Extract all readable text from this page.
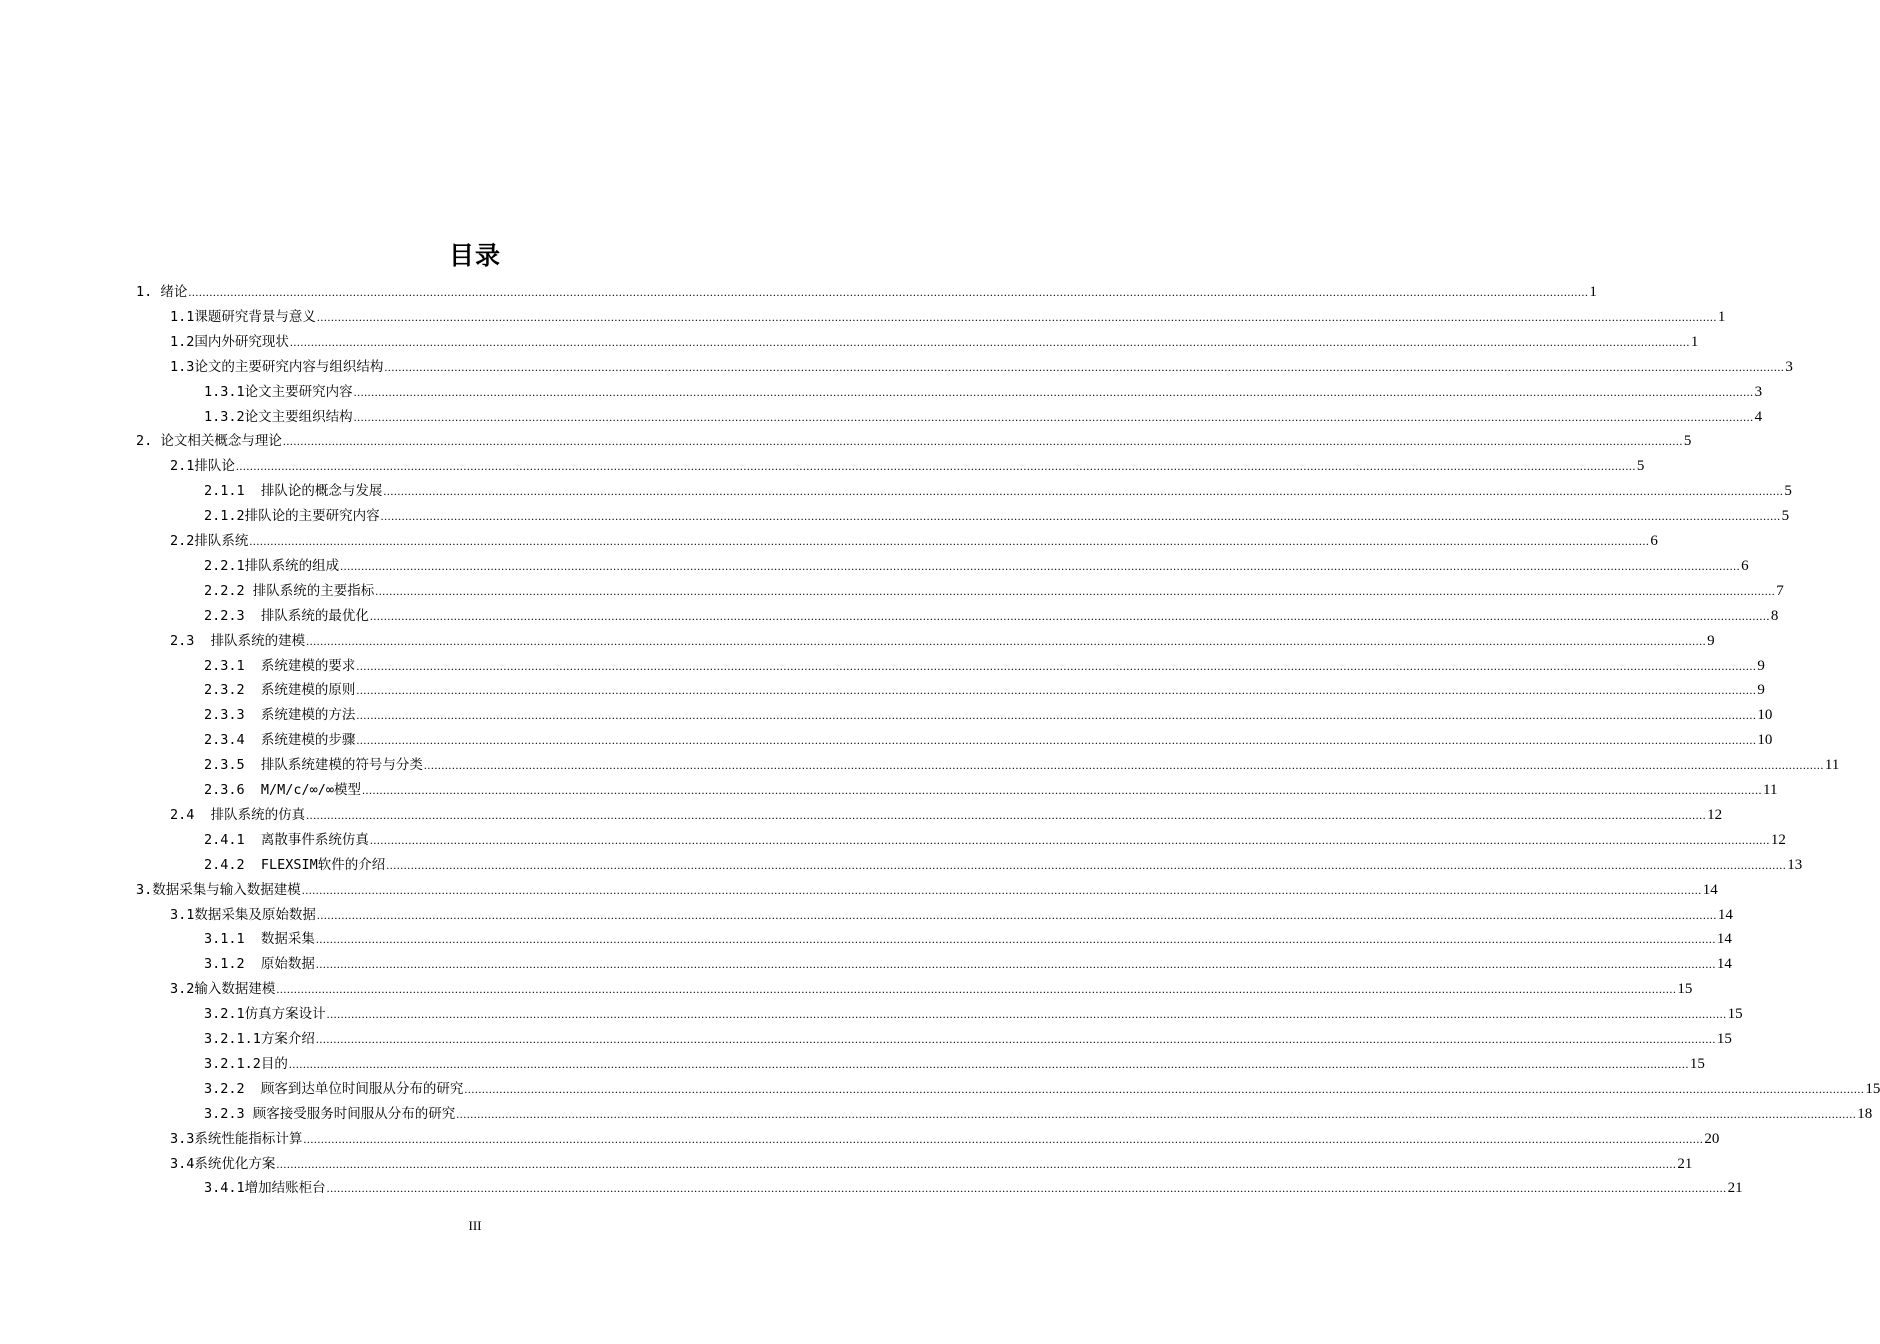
目录
1. 绪论 ................................................................................................................................................................................................................................................................................................................................................................................................................ 1
1.1课题研究背景与意义 ................................................................................................................................................................................................................................................................................................................................................................................................................ 1
1.2国内外研究现状 ................................................................................................................................................................................................................................................................................................................................................................................................................ 1
1.3论文的主要研究内容与组织结构 ................................................................................................................................................................................................................................................................................................................................................................................................................ 3
1.3.1论文主要研究内容 ................................................................................................................................................................................................................................................................................................................................................................................................................ 3
1.3.2论文主要组织结构 ................................................................................................................................................................................................................................................................................................................................................................................................................ 4
2. 论文相关概念与理论 ................................................................................................................................................................................................................................................................................................................................................................................................................ 5
2.1排队论 ................................................................................................................................................................................................................................................................................................................................................................................................................ 5
2.1.1  排队论的概念与发展 ................................................................................................................................................................................................................................................................................................................................................................................................................ 5
2.1.2排队论的主要研究内容 ................................................................................................................................................................................................................................................................................................................................................................................................................ 5
2.2排队系统 ................................................................................................................................................................................................................................................................................................................................................................................................................ 6
2.2.1排队系统的组成 ................................................................................................................................................................................................................................................................................................................................................................................................................ 6
2.2.2 排队系统的主要指标 ................................................................................................................................................................................................................................................................................................................................................................................................................ 7
2.2.3  排队系统的最优化 ................................................................................................................................................................................................................................................................................................................................................................................................................ 8
2.3  排队系统的建模 ................................................................................................................................................................................................................................................................................................................................................................................................................ 9
2.3.1  系统建模的要求 ................................................................................................................................................................................................................................................................................................................................................................................................................ 9
2.3.2  系统建模的原则 ................................................................................................................................................................................................................................................................................................................................................................................................................ 9
2.3.3  系统建模的方法 ................................................................................................................................................................................................................................................................................................................................................................................................................ 10
2.3.4  系统建模的步骤 ................................................................................................................................................................................................................................................................................................................................................................................................................ 10
2.3.5  排队系统建模的符号与分类 ................................................................................................................................................................................................................................................................................................................................................................................................................ 11
2.3.6  M/M/c/∞/∞模型 ................................................................................................................................................................................................................................................................................................................................................................................................................ 11
2.4  排队系统的仿真 ................................................................................................................................................................................................................................................................................................................................................................................................................ 12
2.4.1  离散事件系统仿真 ................................................................................................................................................................................................................................................................................................................................................................................................................ 12
2.4.2  FLEXSIM软件的介绍 ................................................................................................................................................................................................................................................................................................................................................................................................................ 13
3.数据采集与输入数据建模 ................................................................................................................................................................................................................................................................................................................................................................................................................ 14
3.1数据采集及原始数据 ................................................................................................................................................................................................................................................................................................................................................................................................................ 14
3.1.1  数据采集 ................................................................................................................................................................................................................................................................................................................................................................................................................ 14
3.1.2  原始数据 ................................................................................................................................................................................................................................................................................................................................................................................................................ 14
3.2输入数据建模 ................................................................................................................................................................................................................................................................................................................................................................................................................ 15
3.2.1仿真方案设计 ................................................................................................................................................................................................................................................................................................................................................................................................................ 15
3.2.1.1方案介绍 ................................................................................................................................................................................................................................................................................................................................................................................................................ 15
3.2.1.2目的 ................................................................................................................................................................................................................................................................................................................................................................................................................ 15
3.2.2  顾客到达单位时间服从分布的研究 ................................................................................................................................................................................................................................................................................................................................................................................................................ 15
3.2.3 顾客接受服务时间服从分布的研究 ................................................................................................................................................................................................................................................................................................................................................................................................................ 18
3.3系统性能指标计算 ................................................................................................................................................................................................................................................................................................................................................................................................................ 20
3.4系统优化方案 ................................................................................................................................................................................................................................................................................................................................................................................................................ 21
3.4.1增加结账柜台 ................................................................................................................................................................................................................................................................................................................................................................................................................ 21
III
